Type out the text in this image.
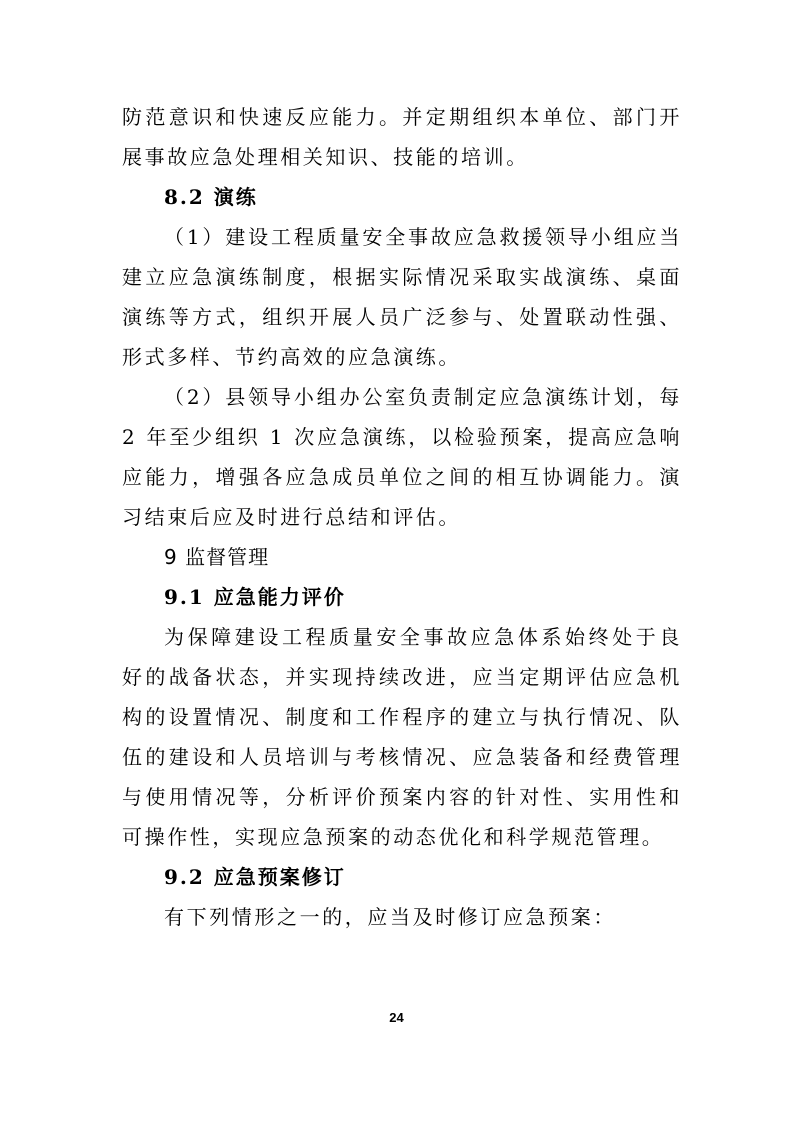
防范意识和快速反应能力。并定期组织本单位、部门开展事故应急处理相关知识、技能的培训。

8.2 演练

（1）建设工程质量安全事故应急救援领导小组应当建立应急演练制度，根据实际情况采取实战演练、桌面演练等方式，组织开展人员广泛参与、处置联动性强、形式多样、节约高效的应急演练。

（2）县领导小组办公室负责制定应急演练计划，每 2 年至少组织 1 次应急演练，以检验预案，提高应急响应能力，增强各应急成员单位之间的相互协调能力。演习结束后应及时进行总结和评估。

9 监督管理

9.1 应急能力评价

为保障建设工程质量安全事故应急体系始终处于良好的战备状态，并实现持续改进，应当定期评估应急机构的设置情况、制度和工作程序的建立与执行情况、队伍的建设和人员培训与考核情况、应急装备和经费管理与使用情况等，分析评价预案内容的针对性、实用性和可操作性，实现应急预案的动态优化和科学规范管理。

9.2 应急预案修订

有下列情形之一的，应当及时修订应急预案：

24
